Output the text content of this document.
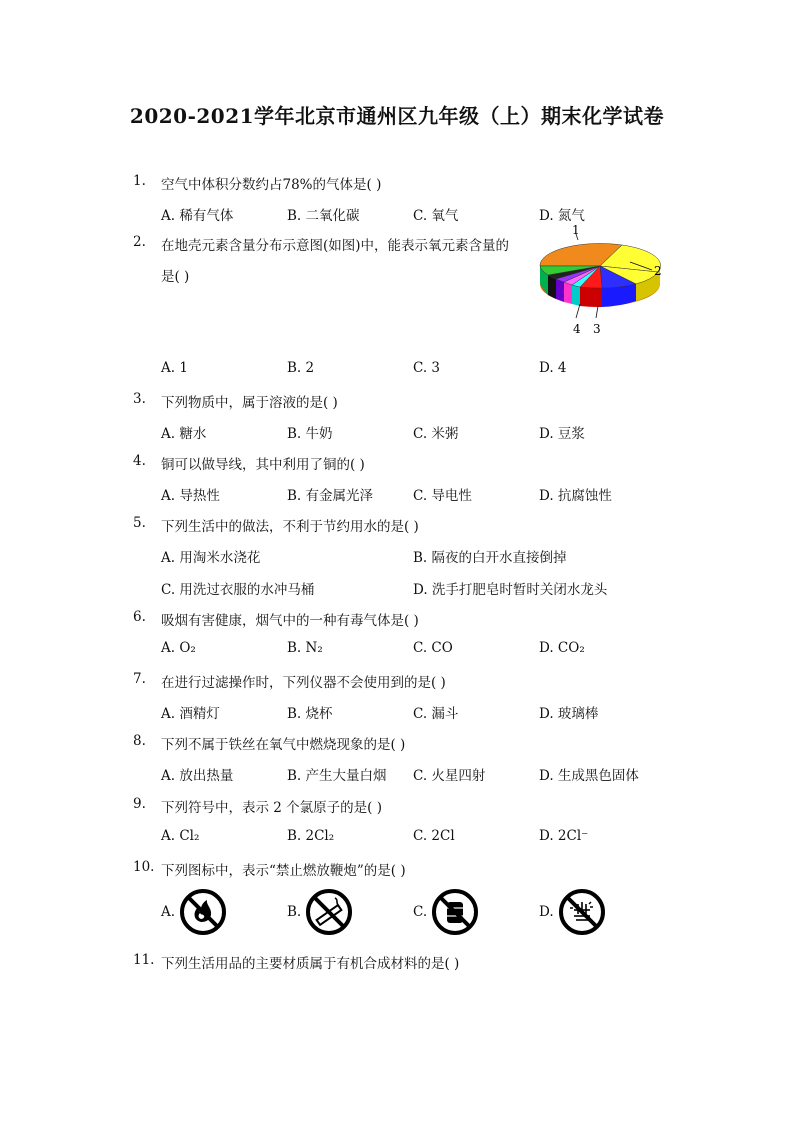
2020-2021学年北京市通州区九年级（上）期末化学试卷
1. 空气中体积分数约占78%的气体是( )
A. 稀有气体	B. 二氧化碳	C. 氧气	D. 氮气
2. 在地壳元素含量分布示意图(如图)中，能表示氧元素含量的
是( )
1
2
3
4
A. 1	B. 2	C. 3	D. 4
3. 下列物质中，属于溶液的是( )
A. 糖水	B. 牛奶	C. 米粥	D. 豆浆
4. 铜可以做导线，其中利用了铜的( )
A. 导热性	B. 有金属光泽	C. 导电性	D. 抗腐蚀性
5. 下列生活中的做法，不利于节约用水的是( )
A. 用淘米水浇花	B. 隔夜的白开水直接倒掉
C. 用洗过衣服的水冲马桶	D. 洗手打肥皂时暂时关闭水龙头
6. 吸烟有害健康，烟气中的一种有毒气体是( )
A. O₂	B. N₂	C. CO	D. CO₂
7. 在进行过滤操作时，下列仪器不会使用到的是( )
A. 酒精灯	B. 烧杯	C. 漏斗	D. 玻璃棒
8. 下列不属于铁丝在氧气中燃烧现象的是( )
A. 放出热量	B. 产生大量白烟 C. 火星四射	D. 生成黑色固体
9. 下列符号中，表示 2 个氯原子的是( )
A. Cl₂	B. 2Cl₂	C. 2Cl	D. 2Cl⁻
10. 下列图标中，表示“禁止燃放鞭炮”的是( )
A.	B.	C.	D.
11. 下列生活用品的主要材质属于有机合成材料的是( )
